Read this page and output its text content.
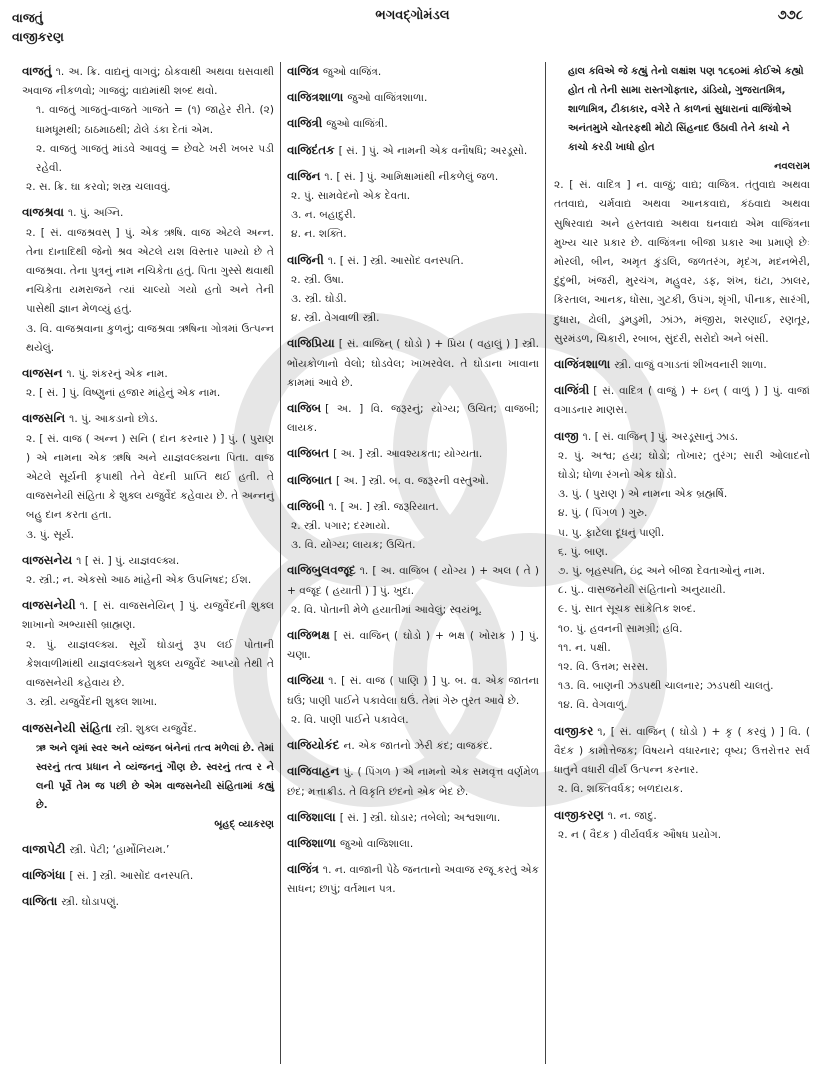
વાજતું
વાજીકરણ
ભગવદ્ગોમંડલ	૭૭૮
વાજતું ૧. અ. ક્રિ. વાદ્યનું વાગવું; ઠોકવાથી અથવા ઘસવાથી અવાજ નીકળવો; ગાજવું; વાદ્યમાંથી શબ્દ થવો.
૧. વાજતું ગાજતું-વાજતે ગાજતે = (૧) જાહેર રીતે. (૨) ધામધૂમથી; ઠાઠમાઠથી; ઢોલે ડંકા દેતાં એમ.
૨. વાજતું ગાજતું માંડવે આવવું = છેવટે ખરી ખબર પડી રહેવી.
૨. સ. ક્રિ. ઘા કરવો; શસ્ત્ર ચલાવવું.
વાજશ્રવા ૧. પું. અગ્નિ.
૨. [ સં. વાજશ્રવસ્ ] પું. એક ઋષિ. વાજ એટલે અન્ન. તેના દાનાદિથી જેનો શ્રવ એટલે યશ વિસ્તાર પામ્યો છે તે વાજશ્રવા. તેના પુત્રનું નામ નચિકેતા હતું. પિતા ગુસ્સે થવાથી નચિકેતા યમરાજને ત્યાં ચાલ્યો ગયો હતો અને તેની પાસેથી જ્ઞાન મેળવ્યું હતું.
૩. વિ. વાજશ્રવાના કુળનું; વાજશ્રવા ઋષિના ગોત્રમાં ઉત્પન્ન થયેલું.
વાજસન ૧. પું. શંકરનું એક નામ.
૨. [ સં. ] પું. વિષ્ણુનાં હજાર માંહેનું એક નામ.
વાજસનિ ૧. પું. આકડાનો છોડ.
૨. [ સં. વાજ ( અન્ન ) સનિ ( દાન કરનાર ) ] પું. ( પુરાણ ) એ નામના એક ઋષિ અને યાજ્ઞવલ્ક્યના પિતા. વાજ એટલે સૂર્યની કૃપાથી તેને વેદની પ્રાપ્તિ થઈ હતી. તે વાજસનેયી સંહિતા કે શુક્લ યજુર્વેદ કહેવાય છે. તે અન્નનું બહુ દાન કરતા હતા.
૩. પું. સૂર્ય.
વાજસનેય ૧ [ સં. ] પું. યાજ્ઞવલ્ક્ય.
૨. સ્ત્રી.; ન. એકસો આઠ માંહેની એક ઉપનિષદ; ઈશ.
વાજસનેયી ૧. [ સં. વાજસનેયિન્ ] પું. યજુર્વેદની શુક્લ શાખાનો અભ્યાસી બ્રાહ્મણ.
૨. પું. યાજ્ઞવલ્ક્ય. સૂર્યે ઘોડાનું રૂપ લઈ પોતાની કેશવાળીમાંથી યાજ્ઞવલ્ક્યને શુક્લ યજુર્વેદ આપ્યો તેથી તે વાજસનેયી કહેવાય છે.
૩. સ્ત્રી. યજુર્વેદની શુક્લ શાખા.
વાજસનેયી સંહિતા સ્ત્રી. શુક્લ યજુર્વેદ.
ઋ અને લૃમાં સ્વર અને વ્યંજન બંનેનાં તત્વ મળેલાં છે. તેમાં સ્વરનું તત્વ પ્રધાન ને વ્યંજનનું ગૌણ છે. સ્વરનું તત્વ ર ને લની પૂર્વે તેમ જ પછી છે એમ વાજસનેયી સંહિતામાં કહ્યું છે.
બૃહદ્ વ્યાકરણ
વાજાપેટી સ્ત્રી. પેટી; ‘હાર્મોનિયમ.’
વાજિગંધા [ સં. ] સ્ત્રી. આસોંદ વનસ્પતિ.
વાજિતા સ્ત્રી. ઘોડાપણું.
વાજિત્ર જુઓ વાજિંત્ર.
વાજિત્રશાળા જુઓ વાજિંત્રશાળા.
વાજિત્રી જુઓ વાજિંત્રી.
વાજિદંતક [ સં. ] પું. એ નામની એક વનૌષધિ; અરડૂસો.
વાજિન ૧. [ સં. ] પું. આમિક્ષામાંથી નીકળેલું જળ.
૨. પું. સામવેદનો એક દેવતા.
૩. ન. બહાદુરી.
૪. ન. શક્તિ.
વાજિની ૧. [ સં. ] સ્ત્રી. આસોંદ વનસ્પતિ.
૨. સ્ત્રી. ઉષા.
૩. સ્ત્રી. ઘોડી.
૪. સ્ત્રી. વેગવાળી સ્ત્રી.
વાજિપ્રિયા [ સં. વાજિન્ ( ઘોડો ) + પ્રિય ( વહાલું ) ] સ્ત્રી. ભોંયકોળાનો વેલો; ઘોડવેલ; ખાખરવેલ. તે ઘોડાના ખાવાના કામમાં આવે છે.
વાજિબ [ અ. ] વિ. જરૂરનું; યોગ્ય; ઉચિત; વાજબી; લાયક.
વાજિબત [ અ. ] સ્ત્રી. આવશ્યકતા; યોગ્યતા.
વાજિબાત [ અ. ] સ્ત્રી. બ. વ. જરૂરની વસ્તુઓ.
વાજિબી ૧. [ અ. ] સ્ત્રી. જરૂરિયાત.
૨. સ્ત્રી. પગાર; દરમાયો.
૩. વિ. યોગ્ય; લાયક; ઉચિત.
વાજિબુલવજૂદ ૧. [ અ. વાજિબ ( યોગ્ય ) + અલ ( તે ) + વજૂદ ( હયાતી ) ] પું. ખુદા.
૨. વિ. પોતાની મેળે હયાતીમાં આવેલું; સ્વયંભૂ.
વાજિભક્ષ [ સં. વાજિન્ ( ઘોડો ) + ભક્ષ ( ખોરાક ) ] પું. ચણા.
વાજિયા ૧. [ સં. વાજ ( પાણિ ) ] પુ. બ. વ. એક જાતના ઘઉં; પાણી પાઈને પકાવેલા ઘઉં. તેમાં ગેરુ તુરત આવે છે.
૨. વિ. પાણી પાઈને પકાવેલ.
વાજિયોકંદ ન. એક જાતનો ઝેરી કંદ; વાજકંદ.
વાજિવાહન પું. ( પિંગળ ) એ નામનો એક સમવૃત્ત વર્ણમેળ છંદ; મત્તાક્રીડ. તે વિકૃતિ છંદનો એક ભેદ છે.
વાજિશાલા [ સં. ] સ્ત્રી. ઘોડાર; તબેલો; અશ્વશાળા.
વાજિશાળા જુઓ વાજિશાલા.
વાજિંત્ર ૧. ન. વાજાની પેઠે જનતાનો અવાજ રજૂ કરતું એક સાધન; છાપું; વર્તમાન પત્ર.
હાલ કવિએ જે કહ્યું તેનો લક્ષાંશ પણ ૧૮૬૦માં કોઈએ કહ્યો હોત તો તેની સામા રાસ્તગોફ્તાર, ડાંડિયો, ગુજરાતમિત્ર, શાળામિત્ર, ટીકાકાર, વગેરે તે કાળનાં સુધારાનાં વાજિંત્રોએ અનંતમુખે ચોતરફથી મોટો સિંહનાદ ઉઠાવી તેને કાચો ને કાચો કરડી ખાધો હોત
નવલરામ
૨. [ સં. વાદિત્ર ] ન. વાજું; વાદ્ય; વાજિત્ર. તંતુવાદ્ય અથવા તતવાદ્ય, ચર્મવાદ્ય અથવા આનકવાદ્ય, કંઠવાદ્ય અથવા સુષિરવાદ્ય અને હસ્તવાદ્ય અથવા ઘનવાદ્ય એમ વાજિંત્રના મુખ્ય ચાર પ્રકાર છે. વાજિંત્રના બીજા પ્રકાર આ પ્રમાણે છેઃ મોરલી, બીન, અમૃત કુંડલિ, જળતરંગ, મૃદંગ, મદનભેરી, દુંદુભી, ખંજરી, મુરચંગ, મહુવર, ડફ, શંખ, ઘંટા, ઝાલર, કિરતાલ, આનક, ધોંસા, ગુટકી, ઉપંગ, શૃંગી, પીનાક, સારંગી, દુધારા, ઢોલી, ડુમડુમી, ઝાંઝ, મંજીરા, શરણાઈ, રણતૂર, સુરમંડળ, ચિકારી, રબાબ, સુંદરી, સરોદો અને બંસી.
વાજિંત્રશાળા સ્ત્રી. વાજું વગાડતાં શીખવનારી શાળા.
વાજિંત્રી [ સં. વાદિત્ર ( વાજું ) + ઇન્ ( વાળું ) ] પું. વાજાં વગાડનાર માણસ.
વાજી ૧. [ સં. વાજિન્ ] પું. અરડૂસાનું ઝાડ.
૨. પું. અશ્વ; હય; ઘોડો; તોખાર; તુરંગ; સારી ઓલાદનો ઘોડો; ધોળા રંગનો એક ઘોડો.
૩. પું. ( પુરાણ ) એ નામના એક બ્રહ્મર્ષિ.
૪. પું. ( પિંગળ ) ગુરુ.
૫. પુ. ફાટેલા દૂધનું પાણી.
૬. પું. બાણ.
૭. પું. બૃહસ્પતિ, ઇંદ્ર અને બીજા દેવતાઓનું નામ.
૮. પું.. વાસજનેયી સંહિતાનો અનુયાયી.
૯. પું. સાત સૂચક સાંકેતિક શબ્દ.
૧૦. પું. હવનની સામગ્રી; હવિ.
૧૧. ન. પક્ષી.
૧૨. વિ. ઉત્તમ; સરસ.
૧૩. વિ. બાણની ઝડપથી ચાલનાર; ઝડપથી ચાલતું.
૧૪. વિ. વેગવાળું.
વાજીકર ૧, [ સં. વાજિન્ ( ઘોડો ) + કૃ ( કરવું ) ] વિ. ( વૈદક ) કામોત્તેજક; વિષયને વધારનાર; વૃષ્ય; ઉત્તરોત્તર સર્વ ધાતુને વધારી વીર્ય ઉત્પન્ન કરનાર.
૨. વિ. શક્તિવર્ધક; બળદાયક.
વાજીકરણ ૧. ન. જાદુ.
૨. ન ( વૈદક ) વીર્યવર્ધક ઔષધ પ્રયોગ.
